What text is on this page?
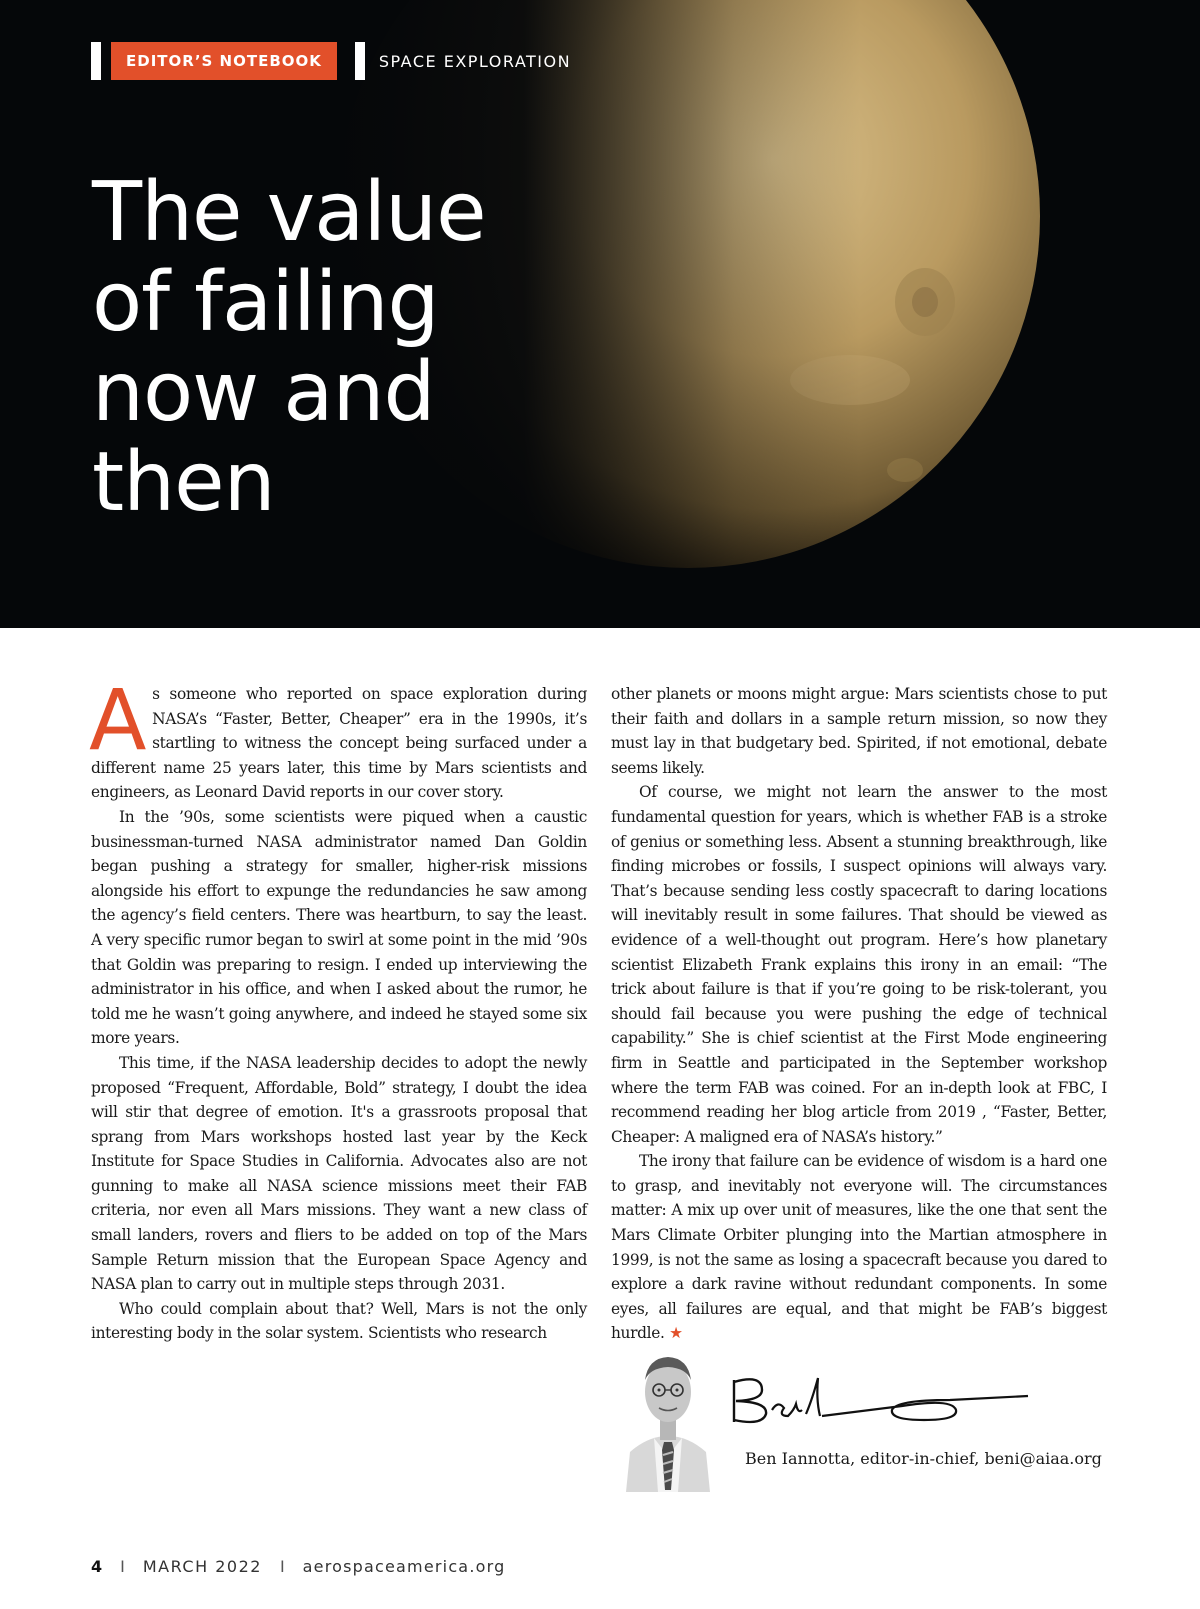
EDITOR’S NOTEBOOK	SPACE EXPLORATION
The value
of failing
now and
then

As someone who reported on space exploration during NASA’s “Faster, Better, Cheaper” era in the 1990s, it’s startling to witness the concept being surfaced under a different name 25 years later, this time by Mars scientists and engineers, as Leonard David reports in our cover story.

In the ’90s, some scientists were piqued when a caustic businessman-turned NASA administrator named Dan Goldin began pushing a strategy for smaller, higher-risk missions alongside his effort to expunge the redundancies he saw among the agency’s field centers. There was heartburn, to say the least. A very specific rumor began to swirl at some point in the mid ’90s that Goldin was preparing to resign. I ended up interviewing the administrator in his office, and when I asked about the rumor, he told me he wasn’t going anywhere, and indeed he stayed some six more years.

This time, if the NASA leadership decides to adopt the newly proposed “Frequent, Affordable, Bold” strategy, I doubt the idea will stir that degree of emotion. It's a grassroots proposal that sprang from Mars workshops hosted last year by the Keck Institute for Space Studies in California. Advocates also are not gunning to make all NASA science missions meet their FAB criteria, nor even all Mars missions. They want a new class of small landers, rovers and fliers to be added on top of the Mars Sample Return mission that the European Space Agency and NASA plan to carry out in multiple steps through 2031.

Who could complain about that? Well, Mars is not the only interesting body in the solar system. Scientists who research

other planets or moons might argue: Mars scientists chose to put their faith and dollars in a sample return mission, so now they must lay in that budgetary bed. Spirited, if not emotional, debate seems likely.

Of course, we might not learn the answer to the most fundamental question for years, which is whether FAB is a stroke of genius or something less. Absent a stunning breakthrough, like finding microbes or fossils, I suspect opinions will always vary. That’s because sending less costly spacecraft to daring locations will inevitably result in some failures. That should be viewed as evidence of a well-thought out program. Here’s how planetary scientist Elizabeth Frank explains this irony in an email: “The trick about failure is that if you’re going to be risk-tolerant, you should fail because you were pushing the edge of technical capability.” She is chief scientist at the First Mode engineering firm in Seattle and participated in the September workshop where the term FAB was coined. For an in-depth look at FBC, I recommend reading her blog article from 2019 , “Faster, Better, Cheaper: A maligned era of NASA’s history.”

The irony that failure can be evidence of wisdom is a hard one to grasp, and inevitably not everyone will. The circumstances matter: A mix up over unit of measures, like the one that sent the Mars Climate Orbiter plunging into the Martian atmosphere in 1999, is not the same as losing a spacecraft because you dared to explore a dark ravine without redundant components. In some eyes, all failures are equal, and that might be FAB’s biggest hurdle. ★

Ben Iannotta, editor-in-chief, beni@aiaa.org

4 I MARCH 2022 I aerospaceamerica.org
